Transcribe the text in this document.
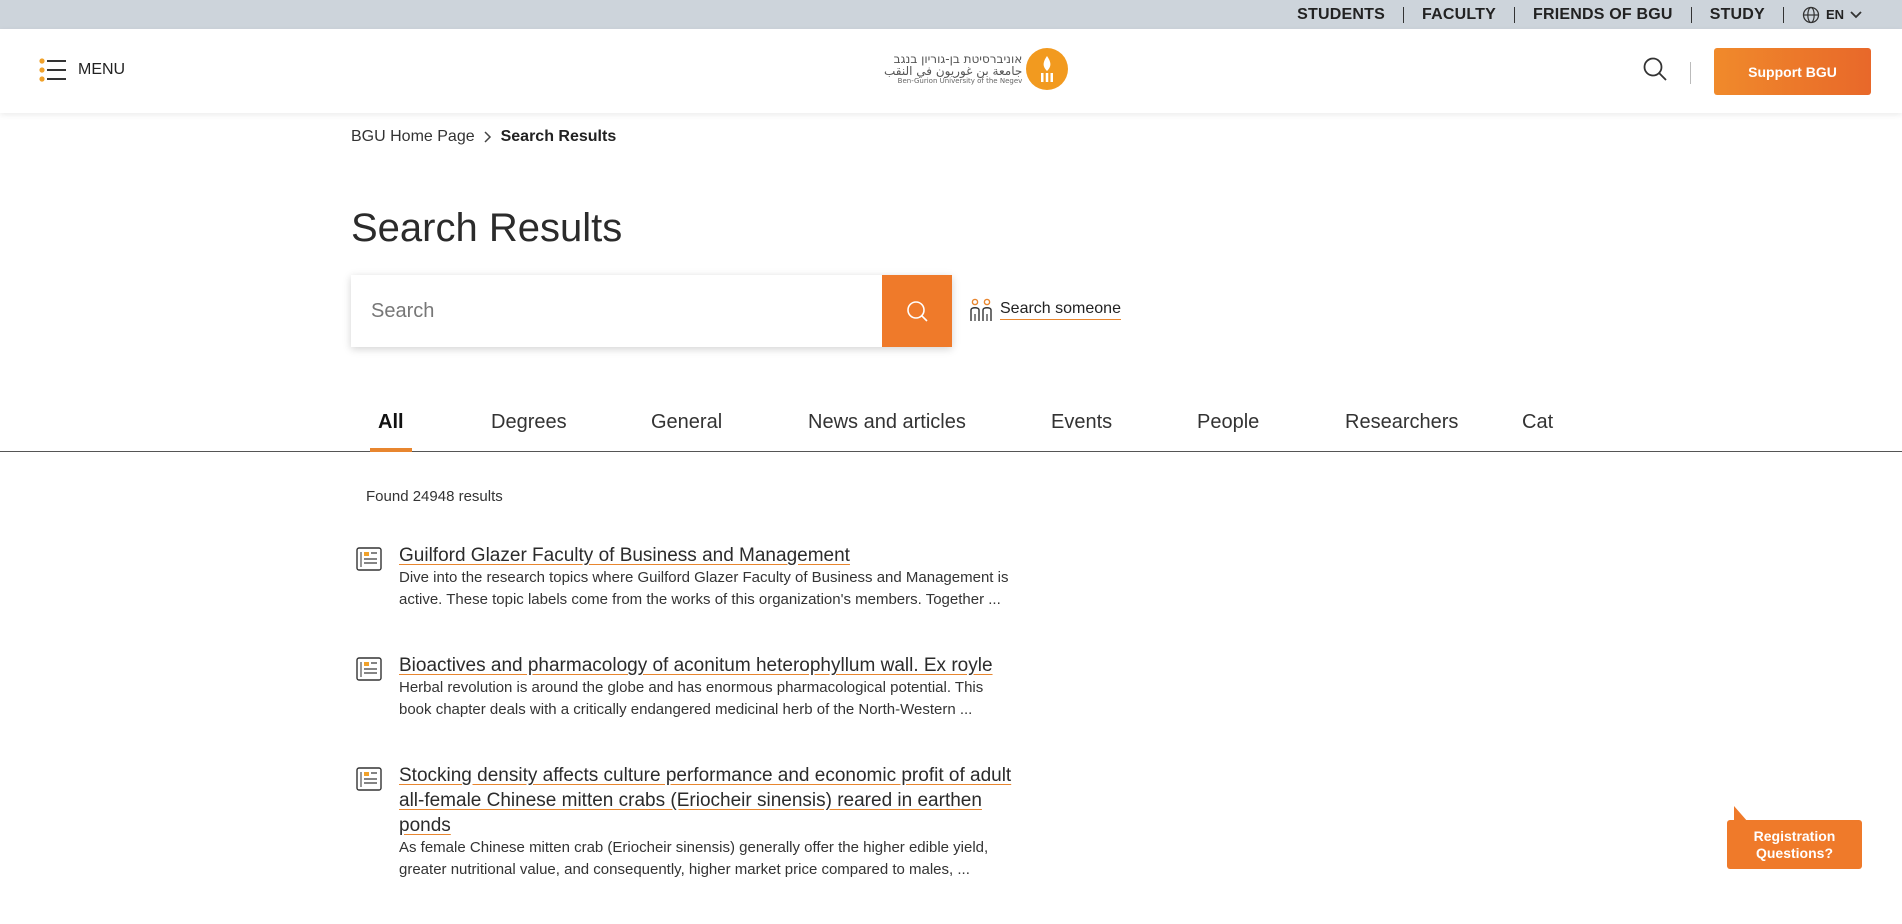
STUDENTS FACULTY FRIENDS OF BGU STUDY	EN
MENU
אוניברסיטת בן-גוריון בנגב
جامعة بن غوريون في النقب
Ben-Gurion University of the Negev
Support BGU
BGU Home Page Search Results
Search Results
Search
Search someone
All	Degrees	General	News and articles	Events	People	Researchers	Cat
Found 24948 results
Guilford Glazer Faculty of Business and Management
Dive into the research topics where Guilford Glazer Faculty of Business and Management is
active. These topic labels come from the works of this organization's members. Together ...
Bioactives and pharmacology of aconitum heterophyllum wall. Ex royle
Herbal revolution is around the globe and has enormous pharmacological potential. This
book chapter deals with a critically endangered medicinal herb of the North-Western ...
Stocking density affects culture performance and economic profit of adult
all-female Chinese mitten crabs (Eriocheir sinensis) reared in earthen
ponds
As female Chinese mitten crab (Eriocheir sinensis) generally offer the higher edible yield,
greater nutritional value, and consequently, higher market price compared to males, ...
Registration
Questions?
